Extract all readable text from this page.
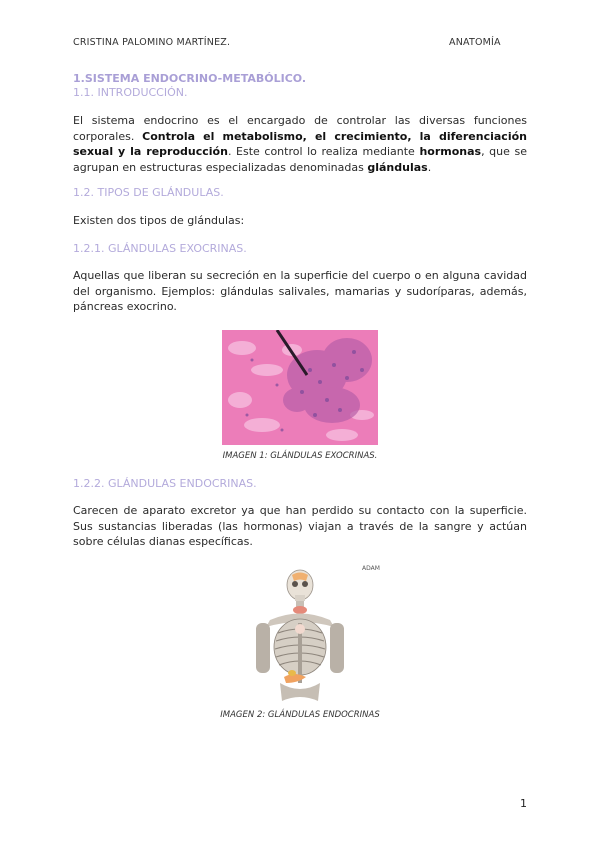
CRISTINA PALOMINO MARTÍNEZ.	ANATOMÍA
1.SISTEMA ENDOCRINO-METABÓLICO.
1.1. INTRODUCCIÓN.
El sistema endocrino es el encargado de controlar las diversas funciones corporales. Controla el metabolismo, el crecimiento, la diferenciación sexual y la reproducción. Este control lo realiza mediante hormonas, que se agrupan en estructuras especializadas denominadas glándulas.
1.2. TIPOS DE GLÁNDULAS.
Existen dos tipos de glándulas:
1.2.1. GLÁNDULAS EXOCRINAS.
Aquellas que liberan su secreción en la superficie del cuerpo o en alguna cavidad del organismo. Ejemplos: glándulas salivales, mamarias y sudoríparas, además, páncreas exocrino.
IMAGEN 1: GLÁNDULAS EXOCRINAS.
1.2.2. GLÁNDULAS ENDOCRINAS.
Carecen de aparato excretor ya que han perdido su contacto con la superficie. Sus sustancias liberadas (las hormonas) viajan a través de la sangre y actúan sobre células dianas específicas.
ADAM
IMAGEN 2: GLÁNDULAS ENDOCRINAS
1
